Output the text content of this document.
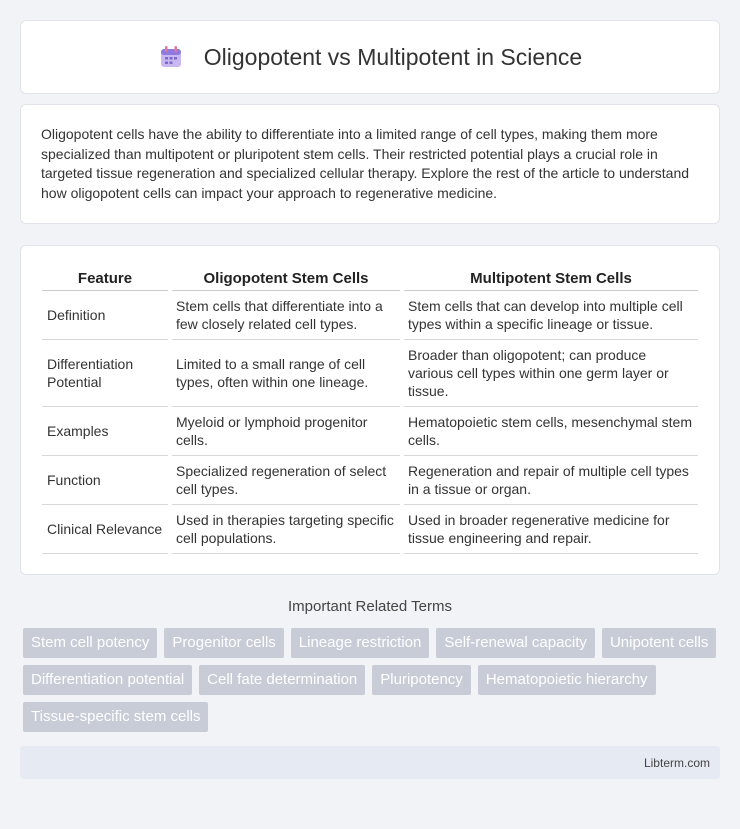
Oligopotent vs Multipotent in Science
Oligopotent cells have the ability to differentiate into a limited range of cell types, making them more specialized than multipotent or pluripotent stem cells. Their restricted potential plays a crucial role in targeted tissue regeneration and specialized cellular therapy. Explore the rest of the article to understand how oligopotent cells can impact your approach to regenerative medicine.
Feature	Oligopotent Stem Cells	Multipotent Stem Cells
Definition	Stem cells that differentiate into a few closely related cell types.	Stem cells that can develop into multiple cell types within a specific lineage or tissue.
Differentiation Potential	Limited to a small range of cell types, often within one lineage.	Broader than oligopotent; can produce various cell types within one germ layer or tissue.
Examples	Myeloid or lymphoid progenitor cells.	Hematopoietic stem cells, mesenchymal stem cells.
Function	Specialized regeneration of select cell types.	Regeneration and repair of multiple cell types in a tissue or organ.
Clinical Relevance	Used in therapies targeting specific cell populations.	Used in broader regenerative medicine for tissue engineering and repair.
Important Related Terms
Stem cell potency	Progenitor cells	Lineage restriction	Self-renewal capacity	Unipotent cells
Differentiation potential	Cell fate determination	Pluripotency	Hematopoietic hierarchy
Tissue-specific stem cells
Libterm.com
